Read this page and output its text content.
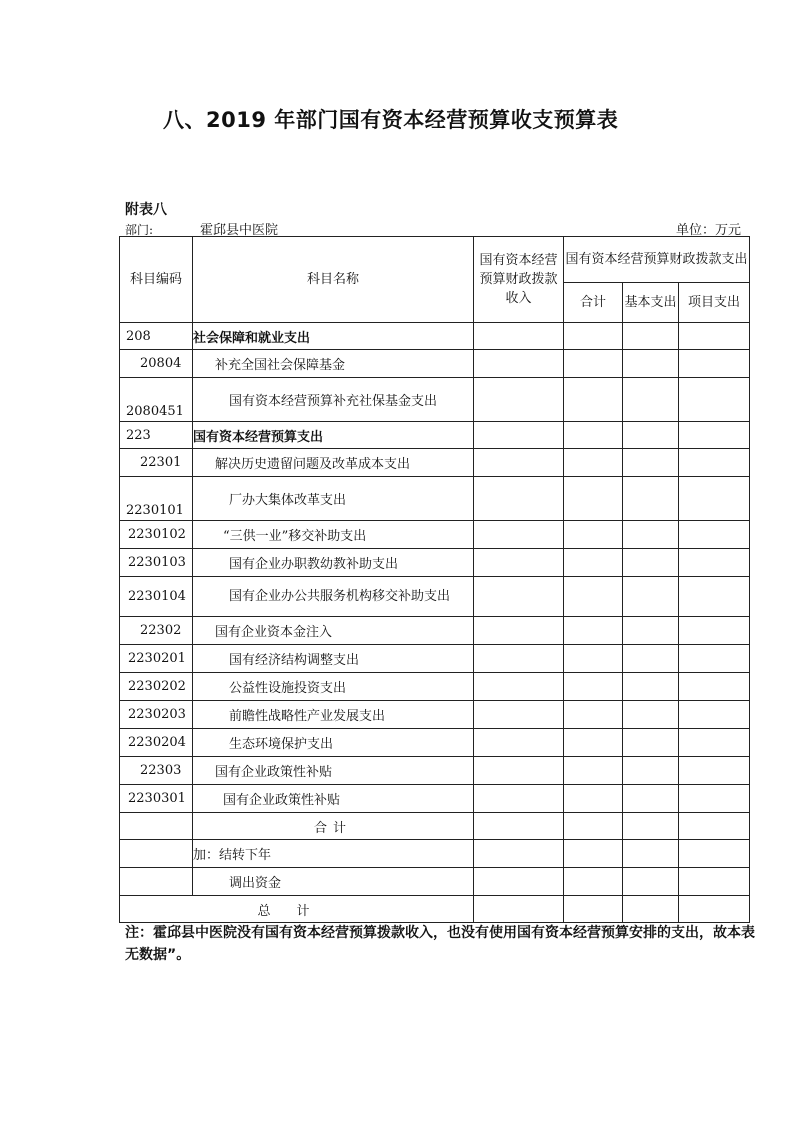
八、2019 年部门国有资本经营预算收支预算表
附表八
部门:	霍邱县中医院	单位：万元
科目编码	科目名称	国有资本经营预算财政拨款收入	国有资本经营预算财政拨款支出		
			合计	基本支出	项目支出
208	社会保障和就业支出				
20804	补充全国社会保障基金				
2080451	国有资本经营预算补充社保基金支出				
223	国有资本经营预算支出				
22301	解决历史遗留问题及改革成本支出				
2230101	厂办大集体改革支出				
2230102	“三供一业”移交补助支出				
2230103	国有企业办职教幼教补助支出				
2230104	国有企业办公共服务机构移交补助支出				
22302	国有企业资本金注入				
2230201	国有经济结构调整支出				
2230202	公益性设施投资支出				
2230203	前瞻性战略性产业发展支出				
2230204	生态环境保护支出				
22303	国有企业政策性补贴				
2230301	国有企业政策性补贴				
	合计				
	加：结转下年				
	调出资金				
总计					
注：霍邱县中医院没有国有资本经营预算拨款收入，也没有使用国有资本经营预算安排的支出，故本表无数据”。
